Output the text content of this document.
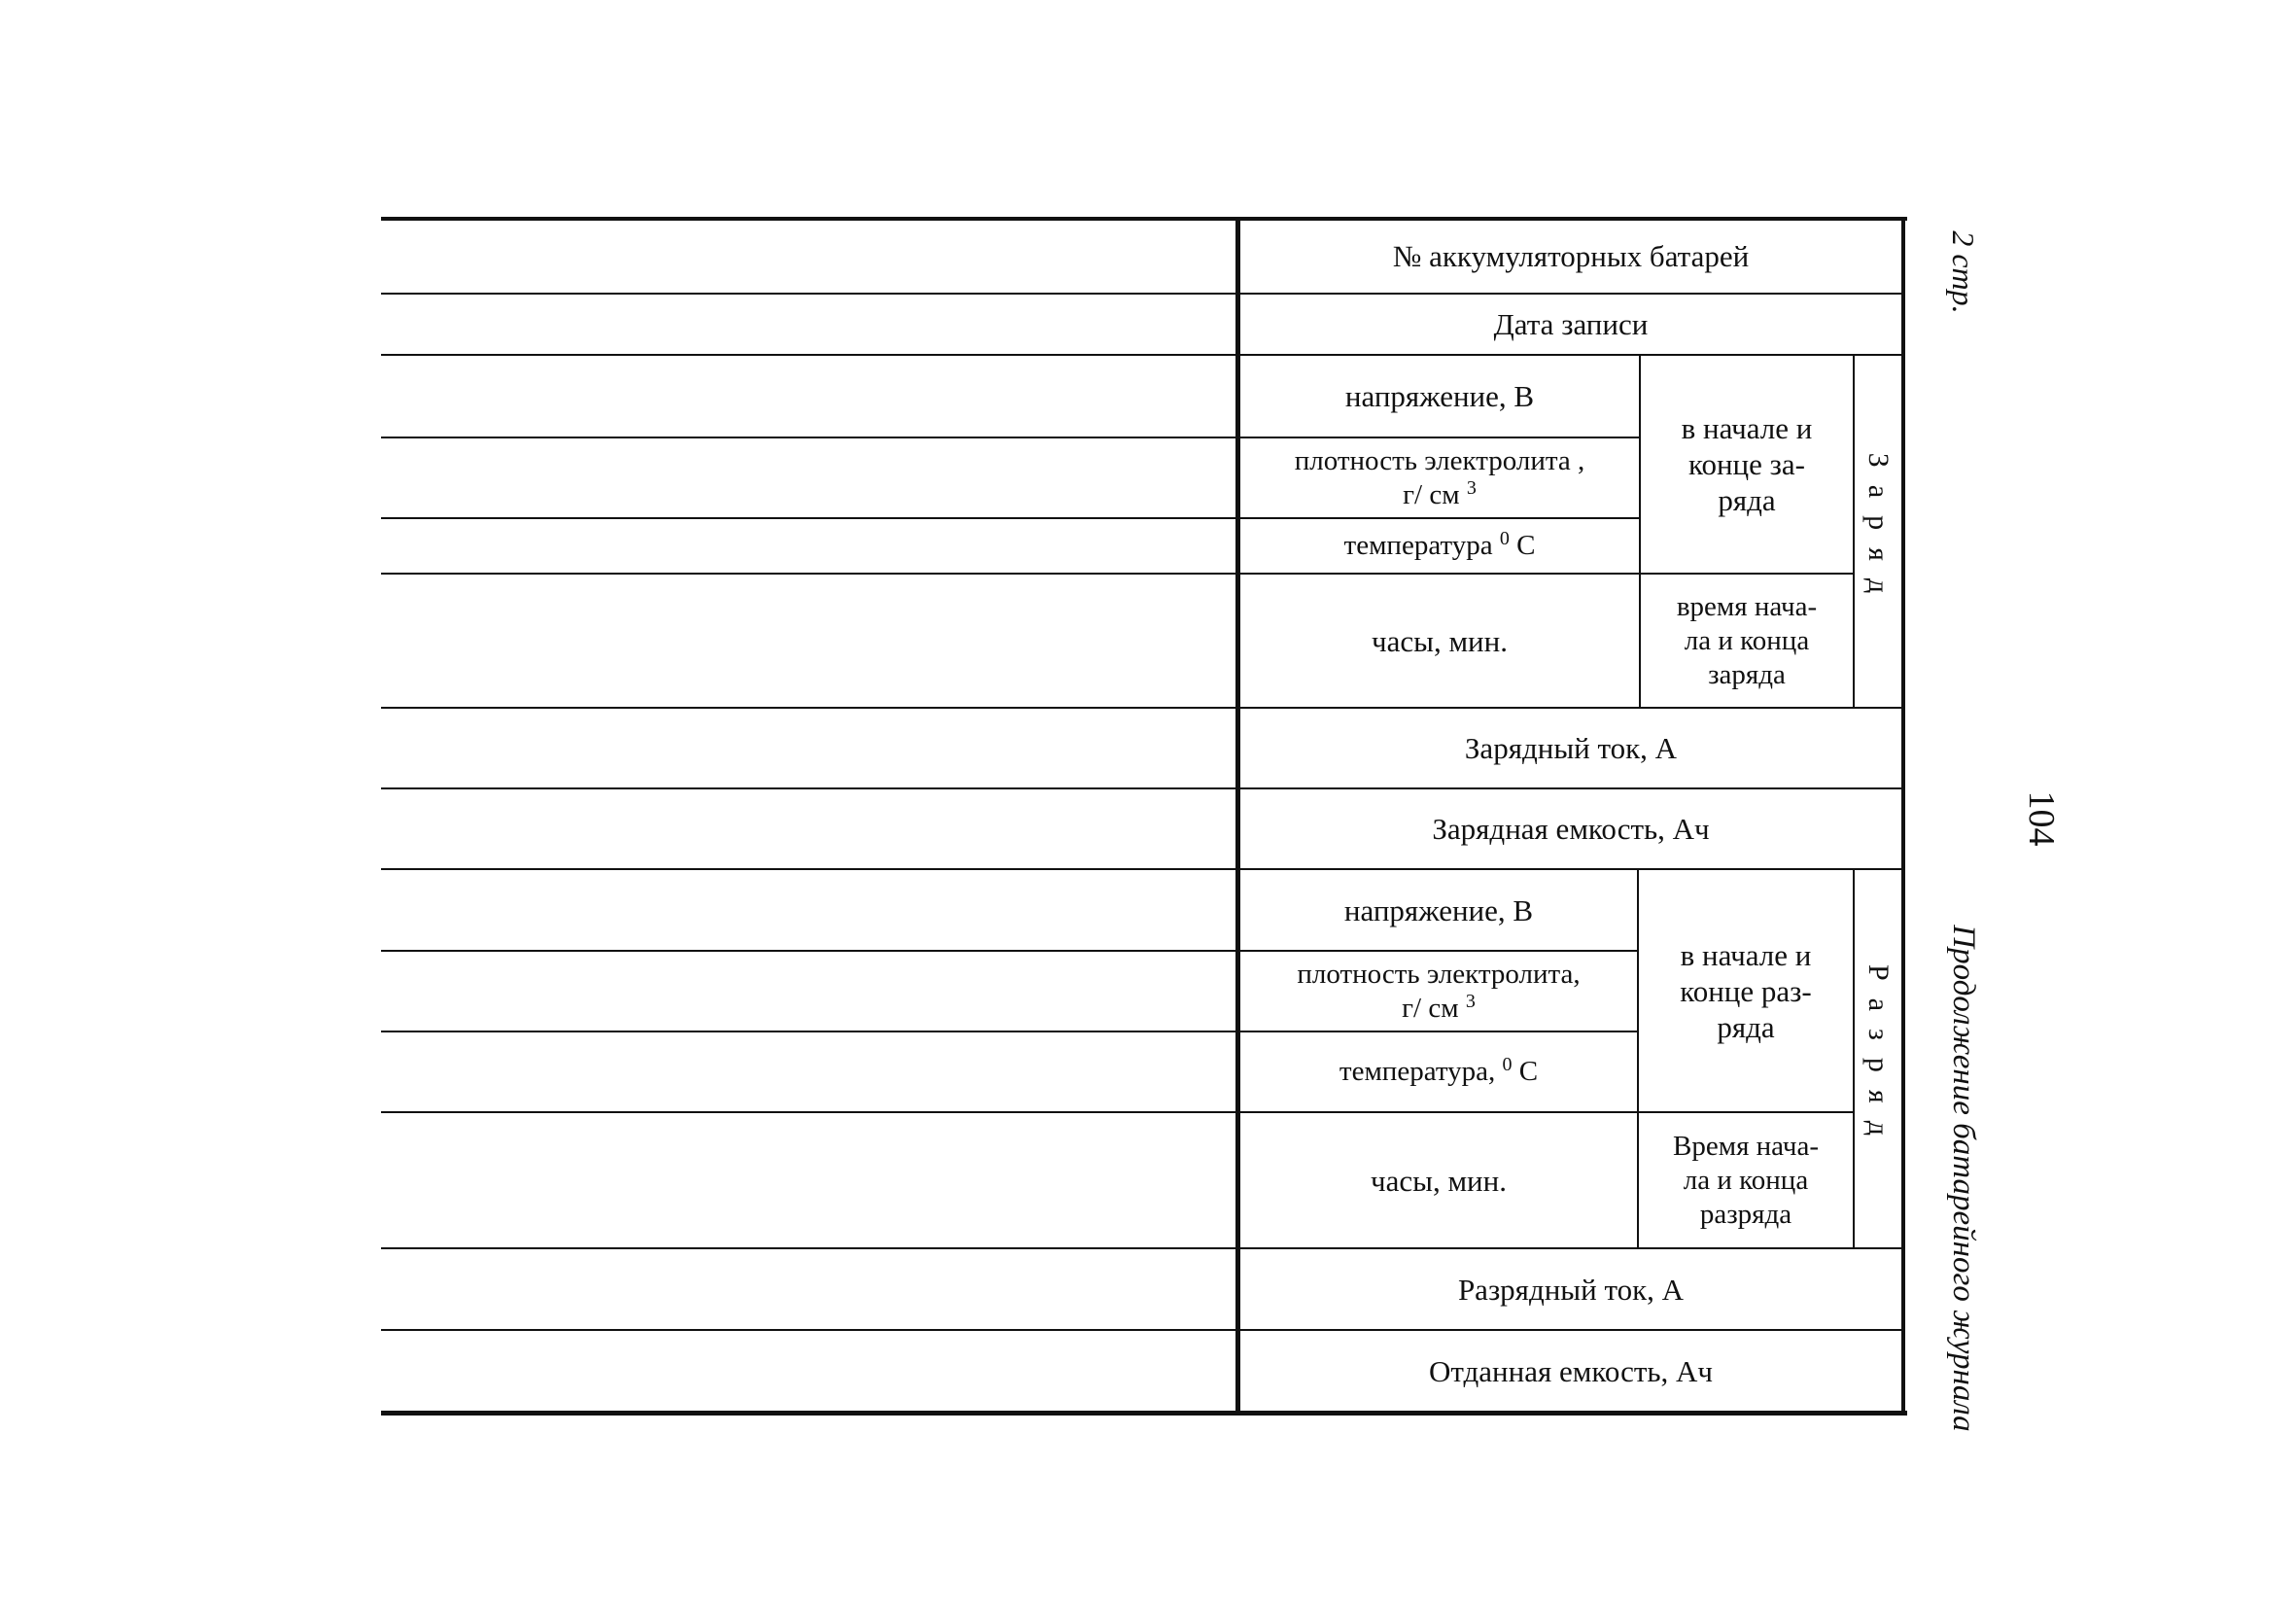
№ аккумуляторных батарей
Дата записи
напряжение, В
плотность электролита ,
г/ см $^3$
температура $^0$ С
часы, мин.
в начале и
конце за-
ряда
время нача-
ла и конца
заряда
Заряд
Зарядный ток, А
Зарядная емкость, Ач
напряжение, В
плотность электролита,
г/ см $^3$
температура, $^0$ С
часы, мин.
в начале и
конце раз-
ряда
Время нача-
ла и конца
разряда
Разряд
Разрядный ток, А
Отданная емкость, Ач
2 стр.
104
Продолжение батарейного журнала
